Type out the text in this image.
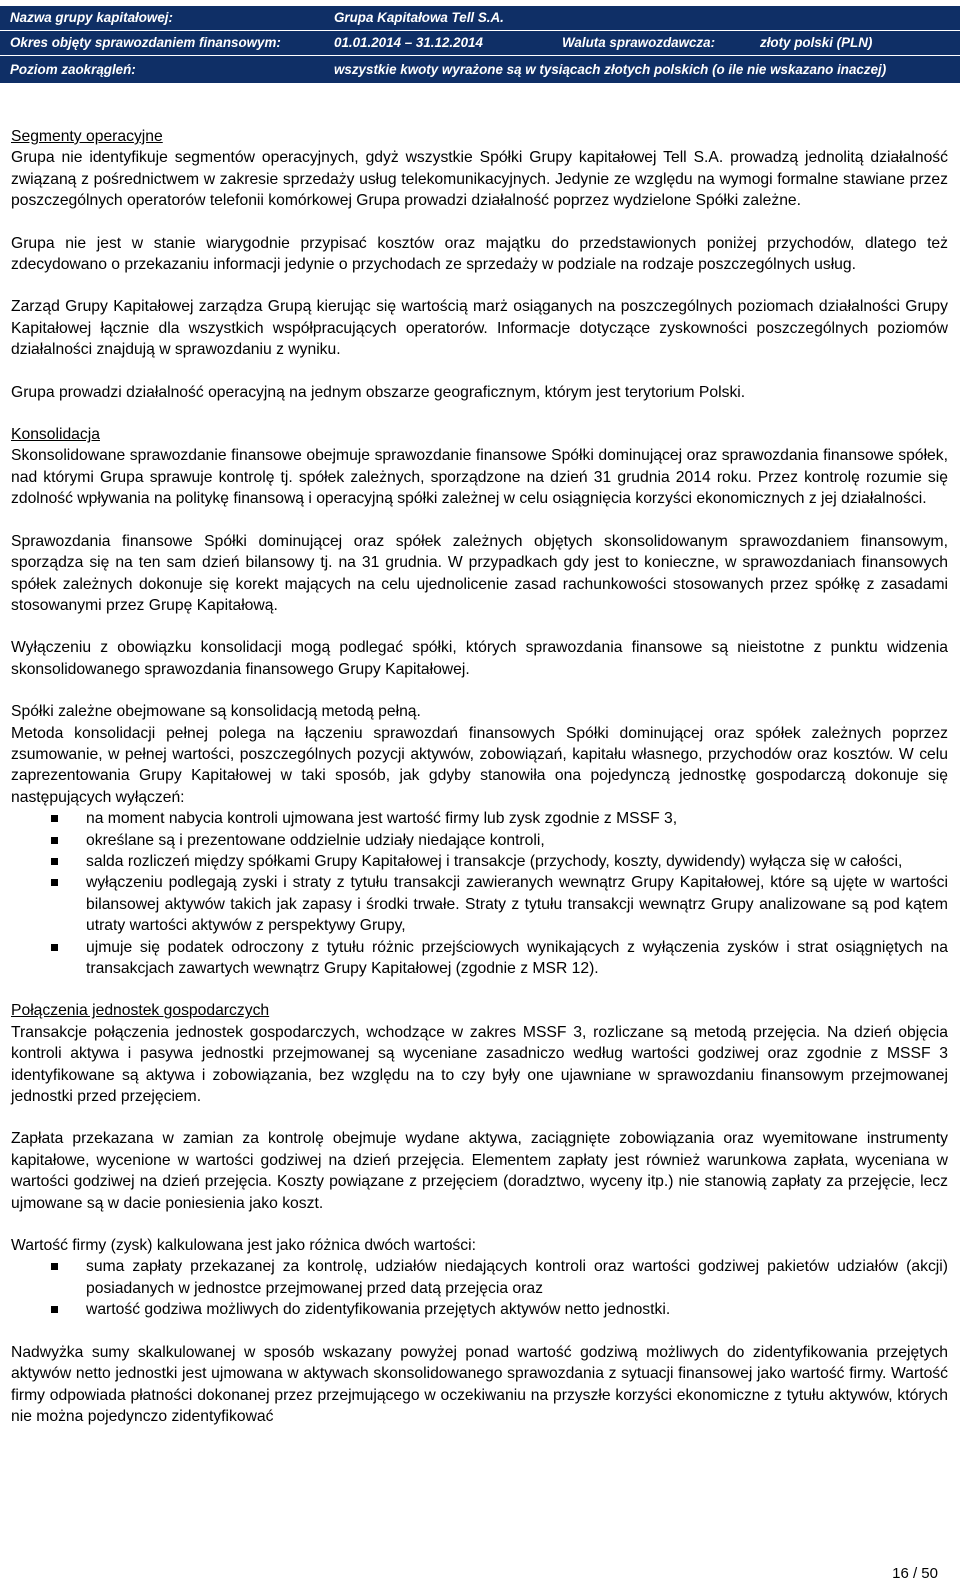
Nazwa grupy kapitałowej:	Grupa Kapitałowa Tell S.A.
Okres objęty sprawozdaniem finansowym:	01.01.2014 – 31.12.2014	Waluta sprawozdawcza:	złoty polski (PLN)
Poziom zaokrągleń:	wszystkie kwoty wyrażone są w tysiącach złotych polskich (o ile nie wskazano inaczej)

Segmenty operacyjne

Grupa nie identyfikuje segmentów operacyjnych, gdyż wszystkie Spółki Grupy kapitałowej Tell S.A. prowadzą jednolitą działalność związaną z pośrednictwem w zakresie sprzedaży usług telekomunikacyjnych. Jedynie ze względu na wymogi formalne stawiane przez poszczególnych operatorów telefonii komórkowej Grupa prowadzi działalność poprzez wydzielone Spółki zależne.

Grupa nie jest w stanie wiarygodnie przypisać kosztów oraz majątku do przedstawionych poniżej przychodów, dlatego też zdecydowano o przekazaniu informacji jedynie o przychodach ze sprzedaży w podziale na rodzaje poszczególnych usług.

Zarząd Grupy Kapitałowej zarządza Grupą kierując się wartością marż osiąganych na poszczególnych poziomach działalności Grupy Kapitałowej łącznie dla wszystkich współpracujących operatorów. Informacje dotyczące zyskowności poszczególnych poziomów działalności znajdują w sprawozdaniu z wyniku.

Grupa prowadzi działalność operacyjną na jednym obszarze geograficznym, którym jest terytorium Polski.

Konsolidacja

Skonsolidowane sprawozdanie finansowe obejmuje sprawozdanie finansowe Spółki dominującej oraz sprawozdania finansowe spółek, nad którymi Grupa sprawuje kontrolę tj. spółek zależnych, sporządzone na dzień 31 grudnia 2014 roku. Przez kontrolę rozumie się zdolność wpływania na politykę finansową i operacyjną spółki zależnej w celu osiągnięcia korzyści ekonomicznych z jej działalności.

Sprawozdania finansowe Spółki dominującej oraz spółek zależnych objętych skonsolidowanym sprawozdaniem finansowym, sporządza się na ten sam dzień bilansowy tj. na 31 grudnia. W przypadkach gdy jest to konieczne, w sprawozdaniach finansowych spółek zależnych dokonuje się korekt mających na celu ujednolicenie zasad rachunkowości stosowanych przez spółkę z zasadami stosowanymi przez Grupę Kapitałową.

Wyłączeniu z obowiązku konsolidacji mogą podlegać spółki, których sprawozdania finansowe są nieistotne z punktu widzenia skonsolidowanego sprawozdania finansowego Grupy Kapitałowej.

Spółki zależne obejmowane są konsolidacją metodą pełną.

Metoda konsolidacji pełnej polega na łączeniu sprawozdań finansowych Spółki dominującej oraz spółek zależnych poprzez zsumowanie, w pełnej wartości, poszczególnych pozycji aktywów, zobowiązań, kapitału własnego, przychodów oraz kosztów. W celu zaprezentowania Grupy Kapitałowej w taki sposób, jak gdyby stanowiła ona pojedynczą jednostkę gospodarczą dokonuje się następujących wyłączeń:

na moment nabycia kontroli ujmowana jest wartość firmy lub zysk zgodnie z MSSF 3,
określane są i prezentowane oddzielnie udziały niedające kontroli,
salda rozliczeń między spółkami Grupy Kapitałowej i transakcje (przychody, koszty, dywidendy) wyłącza się w całości,
wyłączeniu podlegają zyski i straty z tytułu transakcji zawieranych wewnątrz Grupy Kapitałowej, które są ujęte w wartości bilansowej aktywów takich jak zapasy i środki trwałe. Straty z tytułu transakcji wewnątrz Grupy analizowane są pod kątem utraty wartości aktywów z perspektywy Grupy,
ujmuje się podatek odroczony z tytułu różnic przejściowych wynikających z wyłączenia zysków i strat osiągniętych na transakcjach zawartych wewnątrz Grupy Kapitałowej (zgodnie z MSR 12).

Połączenia jednostek gospodarczych

Transakcje połączenia jednostek gospodarczych, wchodzące w zakres MSSF 3, rozliczane są metodą przejęcia. Na dzień objęcia kontroli aktywa i pasywa jednostki przejmowanej są wyceniane zasadniczo według wartości godziwej oraz zgodnie z MSSF 3 identyfikowane są aktywa i zobowiązania, bez względu na to czy były one ujawniane w sprawozdaniu finansowym przejmowanej jednostki przed przejęciem.

Zapłata przekazana w zamian za kontrolę obejmuje wydane aktywa, zaciągnięte zobowiązania oraz wyemitowane instrumenty kapitałowe, wycenione w wartości godziwej na dzień przejęcia. Elementem zapłaty jest również warunkowa zapłata, wyceniana w wartości godziwej na dzień przejęcia. Koszty powiązane z przejęciem (doradztwo, wyceny itp.) nie stanowią zapłaty za przejęcie, lecz ujmowane są w dacie poniesienia jako koszt.

Wartość firmy (zysk) kalkulowana jest jako różnica dwóch wartości:

suma zapłaty przekazanej za kontrolę, udziałów niedających kontroli oraz wartości godziwej pakietów udziałów (akcji) posiadanych w jednostce przejmowanej przed datą przejęcia oraz
wartość godziwa możliwych do zidentyfikowania przejętych aktywów netto jednostki.

Nadwyżka sumy skalkulowanej w sposób wskazany powyżej ponad wartość godziwą możliwych do zidentyfikowania przejętych aktywów netto jednostki jest ujmowana w aktywach skonsolidowanego sprawozdania z sytuacji finansowej jako wartość firmy. Wartość firmy odpowiada płatności dokonanej przez przejmującego w oczekiwaniu na przyszłe korzyści ekonomiczne z tytułu aktywów, których nie można pojedynczo zidentyfikować

16 / 50
